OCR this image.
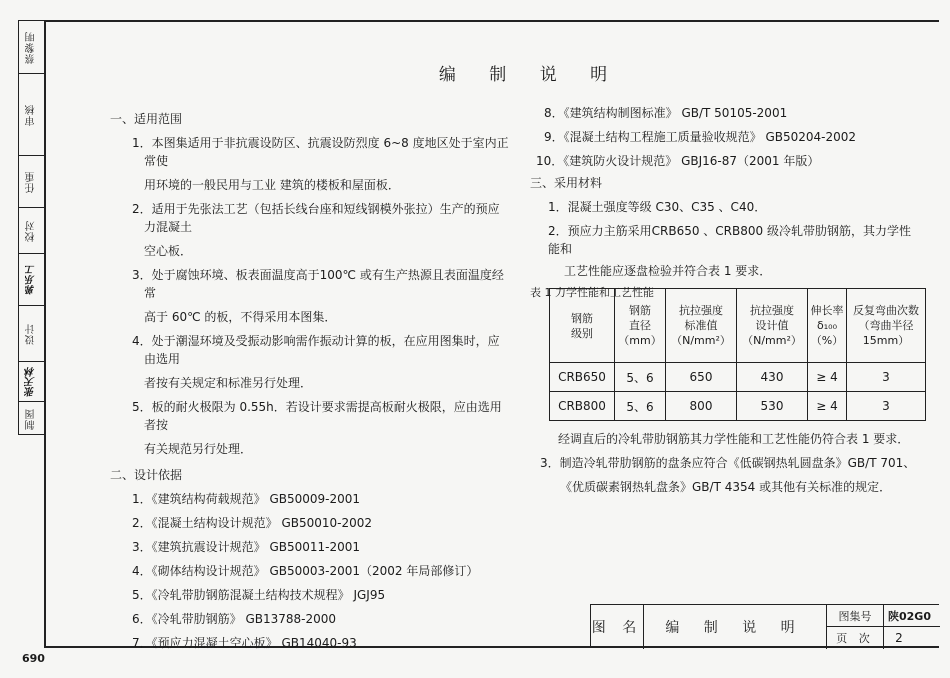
蔡黎明
审核
任重
校对
郭乐工
设计
张天林
制图
690
编 制 说 明

一、适用范围

1．本图集适用于非抗震设防区、抗震设防烈度 6~8 度地区处于室内正常使

用环境的一般民用与工业 建筑的楼板和屋面板．

2．适用于先张法工艺（包括长线台座和短线钢模外张拉）生产的预应力混凝土

空心板．

3．处于腐蚀环境、板表面温度高于100℃ 或有生产热源且表面温度经常

高于 60℃ 的板，不得采用本图集．

4．处于潮湿环境及受振动影响需作振动计算的板，在应用图集时，应由选用

者按有关规定和标准另行处理．

5．板的耐火极限为 0.55h．若设计要求需提高板耐火极限，应由选用者按

有关规范另行处理．

二、设计依据

1．《建筑结构荷载规范》 GB50009-2001

2．《混凝土结构设计规范》 GB50010-2002

3．《建筑抗震设计规范》 GB50011-2001

4．《砌体结构设计规范》 GB50003-2001（2002 年局部修订）

5．《冷轧带肋钢筋混凝土结构技术规程》 JGJ95

6．《冷轧带肋钢筋》 GB13788-2000

7．《预应力混凝土空心板》 GB14040-93

8．《建筑结构制图标准》 GB/T 50105-2001

9．《混凝土结构工程施工质量验收规范》 GB50204-2002

10．《建筑防火设计规范》 GBJ16-87（2001 年版）

三、采用材料

1．混凝土强度等级 C30、C35 、C40．

2．预应力主筋采用CRB650 、CRB800 级冷轧带肋钢筋，其力学性能和

工艺性能应逐盘检验并符合表 1 要求．

表 1 力学性能和工艺性能

钢筋
级别	钢筋
直径
（mm）	抗拉强度
标准值
（N/mm²）	抗拉强度
设计值
（N/mm²）	伸长率
δ₁₀₀
（%）	反复弯曲次数
（弯曲半径
15mm）
CRB650	5、6	650	430	≥ 4	3
CRB800	5、6	800	530	≥ 4	3

经调直后的冷轧带肋钢筋其力学性能和工艺性能仍符合表 1 要求．

3．制造冷轧带肋钢筋的盘条应符合《低碳钢热轧圆盘条》GB/T 701、

《优质碳素钢热轧盘条》GB/T 4354 或其他有关标准的规定．

图 名	编 制 说 明
图集号	陕02G0
页 次	2
